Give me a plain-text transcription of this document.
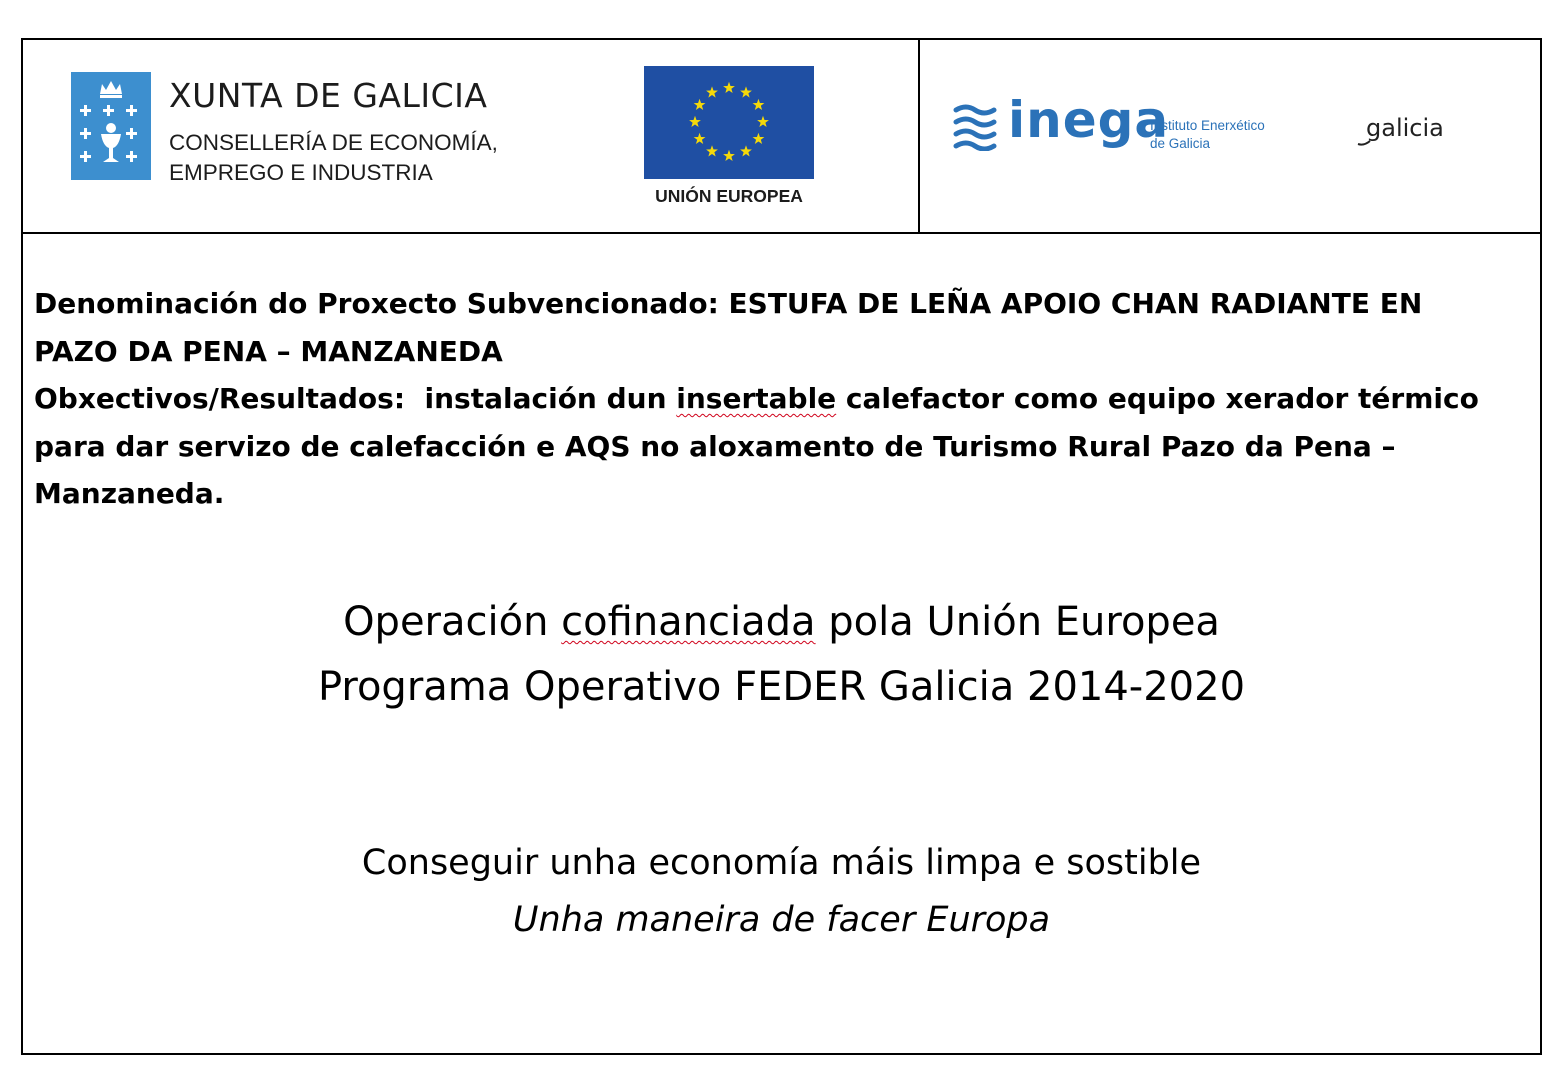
XUNTA DE GALICIA
CONSELLERÍA DE ECONOMÍA,
EMPREGO E INDUSTRIA
UNIÓN EUROPEA
inega
Instituto Enerxético
de Galicia
galicia
Denominación do Proxecto Subvencionado: ESTUFA DE LEÑA APOIO CHAN RADIANTE EN
PAZO DA PENA – MANZANEDA
Obxectivos/Resultados:  instalación dun insertable calefactor como equipo xerador térmico
para dar servizo de calefacción e AQS no aloxamento de Turismo Rural Pazo da Pena –
Manzaneda.
Operación cofinanciada pola Unión Europea
Programa Operativo FEDER Galicia 2014-2020
Conseguir unha economía máis limpa e sostible
Unha maneira de facer Europa
